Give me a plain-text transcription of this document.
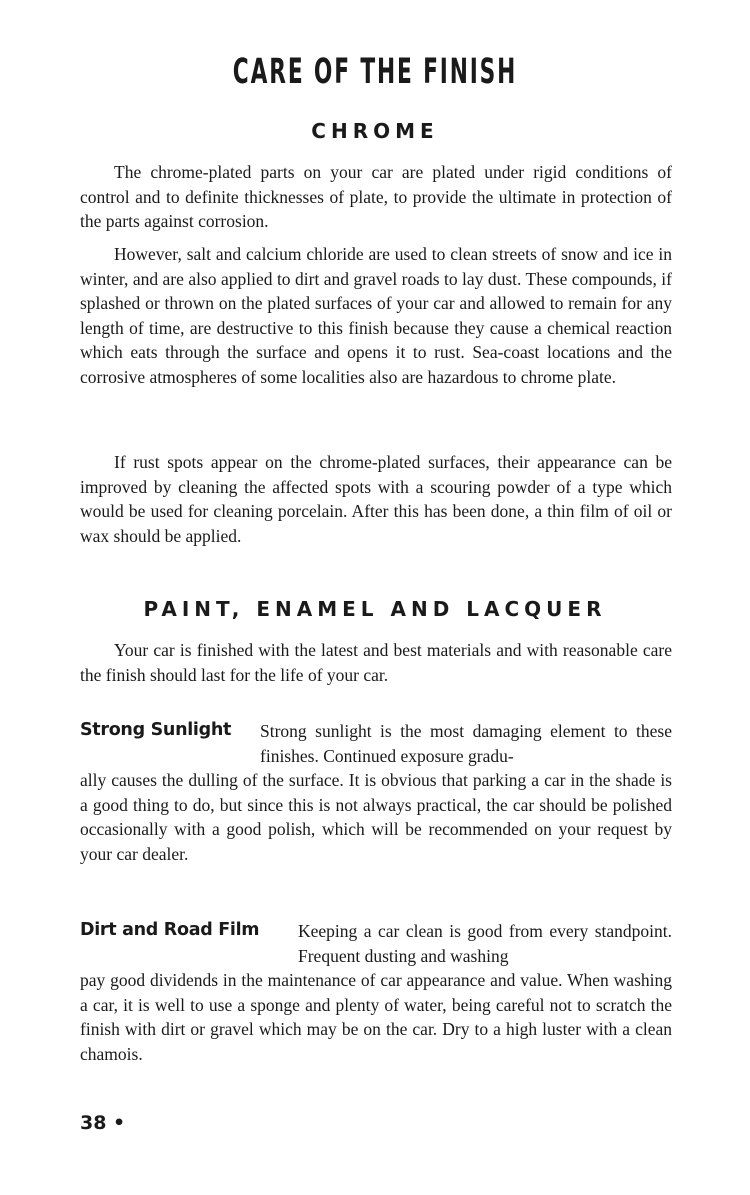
CARE OF THE FINISH
CHROME

The chrome-plated parts on your car are plated under rigid conditions of control and to definite thicknesses of plate, to provide the ultimate in protection of the parts against corrosion.

However, salt and calcium chloride are used to clean streets of snow and ice in winter, and are also applied to dirt and gravel roads to lay dust. These compounds, if splashed or thrown on the plated surfaces of your car and allowed to remain for any length of time, are destructive to this finish because they cause a chemical reaction which eats through the surface and opens it to rust. Sea-coast locations and the corrosive atmospheres of some localities also are hazardous to chrome plate.

If rust spots appear on the chrome-plated surfaces, their appearance can be improved by cleaning the affected spots with a scouring powder of a type which would be used for cleaning porcelain. After this has been done, a thin film of oil or wax should be applied.

PAINT, ENAMEL AND LACQUER

Your car is finished with the latest and best materials and with reasonable care the finish should last for the life of your car.

Strong Sunlight Strong sunlight is the most damaging element to these finishes. Continued exposure gradu-

ally causes the dulling of the surface. It is obvious that parking a car in the shade is a good thing to do, but since this is not always practical, the car should be polished occasionally with a good polish, which will be recommended on your request by your car dealer.

Dirt and Road Film Keeping a car clean is good from every standpoint. Frequent dusting and washing

pay good dividends in the maintenance of car appearance and value. When washing a car, it is well to use a sponge and plenty of water, being careful not to scratch the finish with dirt or gravel which may be on the car. Dry to a high luster with a clean chamois.

38 •
